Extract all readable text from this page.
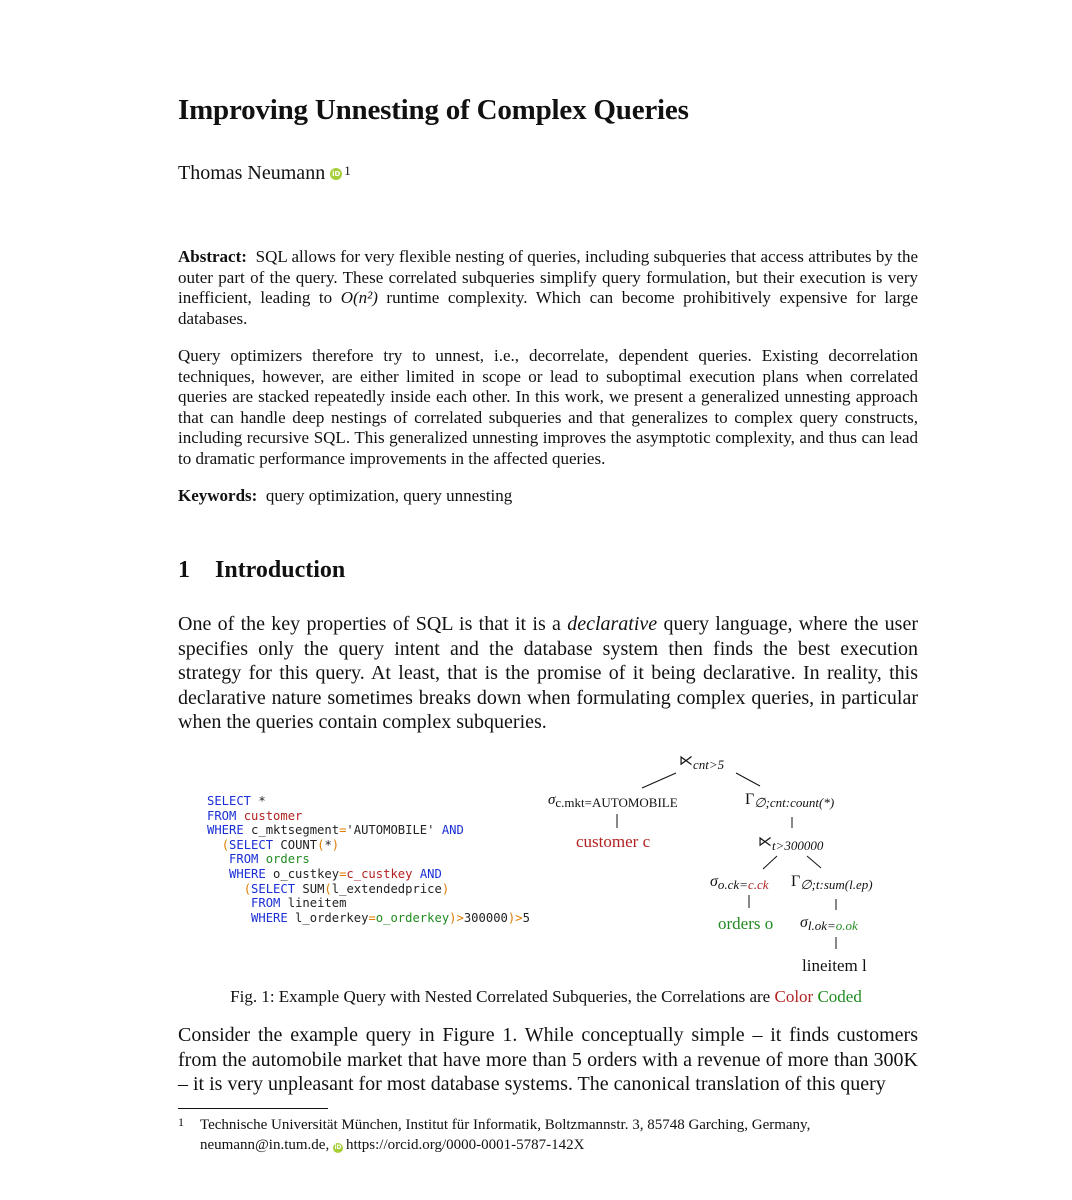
Improving Unnesting of Complex Queries
Thomas Neumann iD 1
Abstract: SQL allows for very flexible nesting of queries, including subqueries that access attributes by the outer part of the query. These correlated subqueries simplify query formulation, but their execution is very inefficient, leading to O(n²) runtime complexity. Which can become prohibitively expensive for large databases.
Query optimizers therefore try to unnest, i.e., decorrelate, dependent queries. Existing decorrelation techniques, however, are either limited in scope or lead to suboptimal execution plans when correlated queries are stacked repeatedly inside each other. In this work, we present a generalized unnesting approach that can handle deep nestings of correlated subqueries and that generalizes to complex query constructs, including recursive SQL. This generalized unnesting improves the asymptotic complexity, and thus can lead to dramatic performance improvements in the affected queries.
Keywords: query optimization, query unnesting
1 Introduction
One of the key properties of SQL is that it is a declarative query language, where the user specifies only the query intent and the database system then finds the best execution strategy for this query. At least, that is the promise of it being declarative. In reality, this declarative nature sometimes breaks down when formulating complex queries, in particular when the queries contain complex subqueries.
SELECT *
FROM customer
WHERE c_mktsegment='AUTOMOBILE' AND
(SELECT COUNT(*)
FROM orders
WHERE o_custkey=c_custkey AND
(SELECT SUM(l_extendedprice)
FROM lineitem
WHERE l_orderkey=o_orderkey)>300000)>5
⋉cnt>5
σc.mkt=AUTOMOBILE
customer c
Γ∅;cnt:count(*)
⋉t>300000
σo.ck=c.ck Γ∅;t:sum(l.ep)
orders o σl.ok=o.ok
lineitem l
Fig. 1: Example Query with Nested Correlated Subqueries, the Correlations are Color Coded
Consider the example query in Figure 1. While conceptually simple – it finds customers from the automobile market that have more than 5 orders with a revenue of more than 300K – it is very unpleasant for most database systems. The canonical translation of this query
1 Technische Universität München, Institut für Informatik, Boltzmannstr. 3, 85748 Garching, Germany,
neumann@in.tum.de, iD https://orcid.org/0000-0001-5787-142X
